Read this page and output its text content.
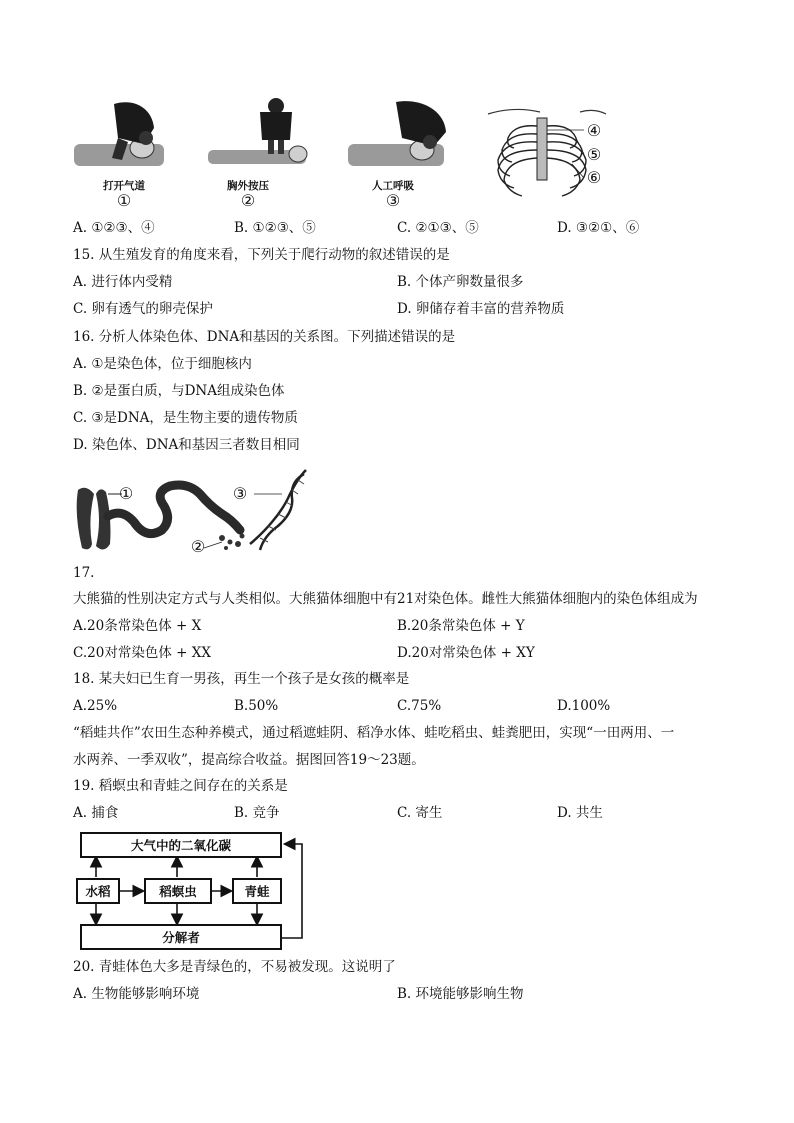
打开气道
①
胸外按压
②
人工呼吸
③
④
⑤
⑥
A. ①②③、④	B. ①②③、⑤	C. ②①③、⑤	D. ③②①、⑥
15. 从生殖发育的角度来看，下列关于爬行动物的叙述错误的是
A. 进行体内受精	B. 个体产卵数量很多
C. 卵有透气的卵壳保护	D. 卵储存着丰富的营养物质
16. 分析人体染色体、DNA和基因的关系图。下列描述错误的是
A. ①是染色体，位于细胞核内
B. ②是蛋白质，与DNA组成染色体
C. ③是DNA，是生物主要的遗传物质
D. 染色体、DNA和基因三者数目相同
①
②
③
17.
大熊猫的性别决定方式与人类相似。大熊猫体细胞中有21对染色体。雌性大熊猫体细胞内的染色体组成为
A.20条常染色体 + X	B.20条常染色体 + Y
C.20对常染色体 + XX	D.20对常染色体 + XY
18. 某夫妇已生育一男孩，再生一个孩子是女孩的概率是
A.25%	B.50%	C.75%	D.100%
“稻蛙共作”农田生态种养模式，通过稻遮蛙阴、稻净水体、蛙吃稻虫、蛙粪肥田，实现“一田两用、一
水两养、一季双收”，提高综合收益。据图回答19～23题。
19. 稻螟虫和青蛙之间存在的关系是
A. 捕食	B. 竞争	C. 寄生	D. 共生
大气中的二氧化碳
水稻	稻螟虫	青蛙
分解者
20. 青蛙体色大多是青绿色的，不易被发现。这说明了
A. 生物能够影响环境	B. 环境能够影响生物
